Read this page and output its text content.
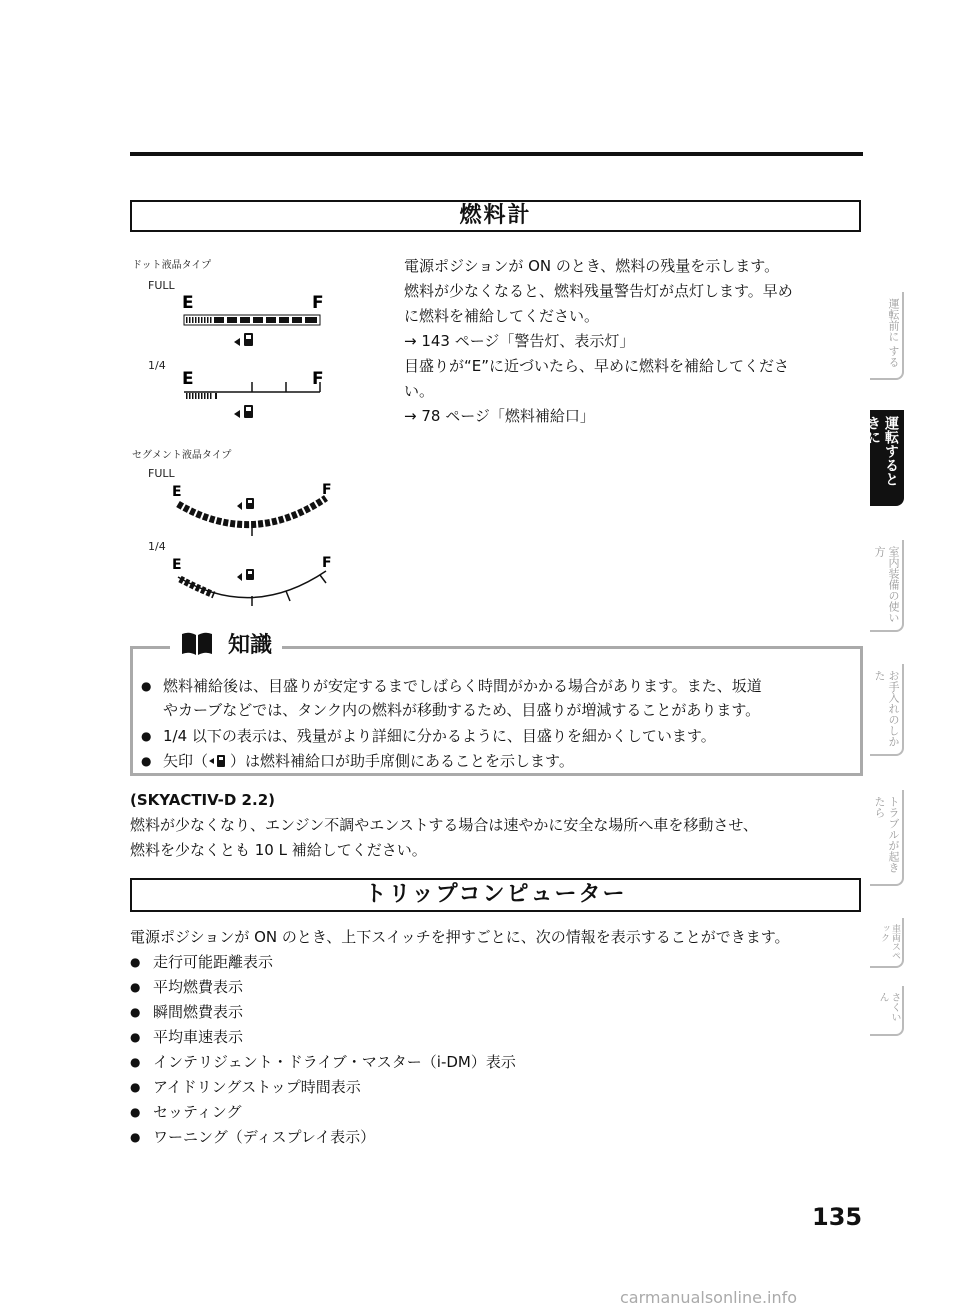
燃料計
ドット液晶タイプ
FULL
1/4
セグメント液晶タイプ
FULL
1/4
E	F
E	F
E	F
E	F
電源ポジションが ON のとき、燃料の残量を示します。
燃料が少なくなると、燃料残量警告灯が点灯します。早め
に燃料を補給してください。
→ 143 ページ「警告灯、表示灯」
目盛りが“E”に近づいたら、早めに燃料を補給してくださ
い。
→ 78 ページ「燃料補給口」
知識
● 燃料補給後は、目盛りが安定するまでしばらく時間がかかる場合があります。また、坂道
やカーブなどでは、タンク内の燃料が移動するため、目盛りが増減することがあります。
● 1/4 以下の表示は、残量がより詳細に分かるように、目盛りを細かくしています。
● 矢印（ ）は燃料補給口が助手席側にあることを示します。
(SKYACTIV-D 2.2)
燃料が少なくなり、エンジン不調やエンストする場合は速やかに安全な場所へ車を移動させ、
燃料を少なくとも 10 L 補給してください。
トリップコンピューター
電源ポジションが ON のとき、上下スイッチを押すごとに、次の情報を表示することができます。
● 走行可能距離表示
● 平均燃費表示
● 瞬間燃費表示
● 平均車速表示
● インテリジェント・ドライブ・マスター（i-DM）表示
● アイドリングストップ時間表示
● セッティング
● ワーニング（ディスプレイ表示）
運転前に する
運転するときに
室内装備の使い方
お手入れのしかた
トラブルが起きたら
車両スペック
さくいん
135
carmanualsonline.info
